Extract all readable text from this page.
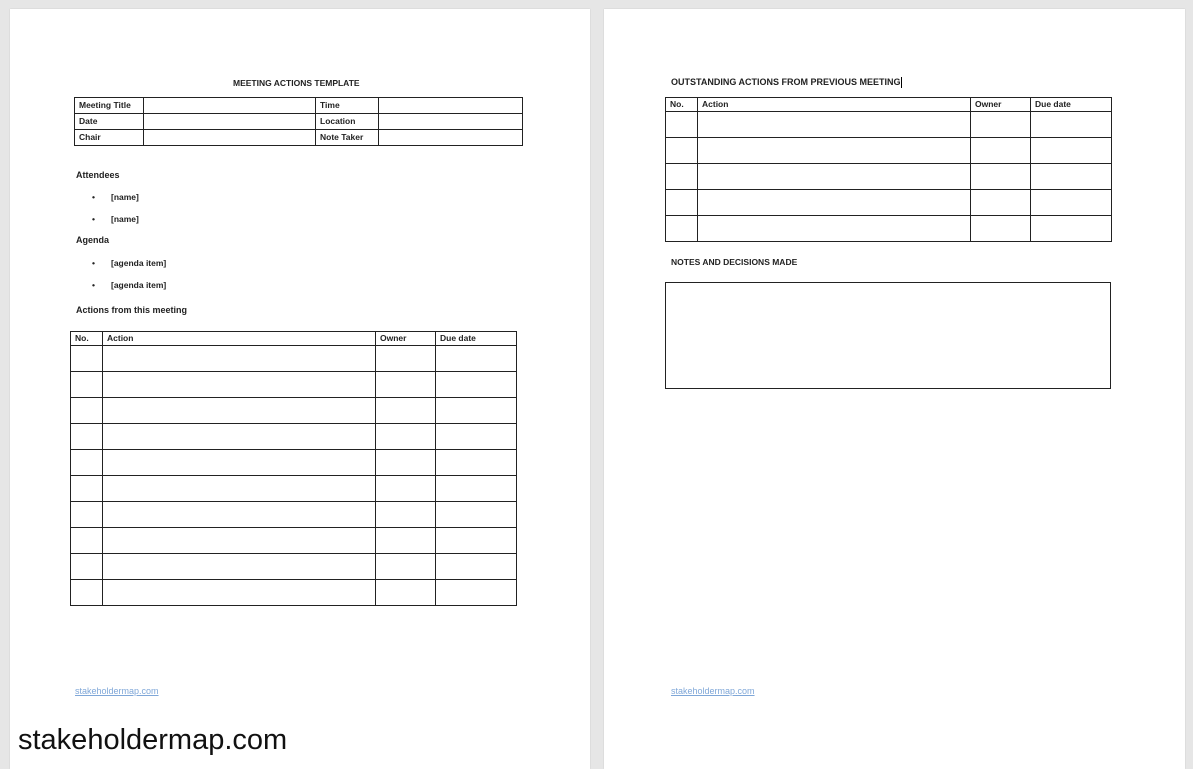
MEETING ACTIONS TEMPLATE
Meeting Title		Time	
Date		Location	
Chair		Note Taker	
Attendees
• [name]
• [name]
Agenda
• [agenda item]
• [agenda item]
Actions from this meeting
No.	Action	Owner	Due date

stakeholdermap.com
OUTSTANDING ACTIONS FROM PREVIOUS MEETING
No.	Action	Owner	Due date

NOTES AND DECISIONS MADE
stakeholdermap.com
stakeholdermap.com
